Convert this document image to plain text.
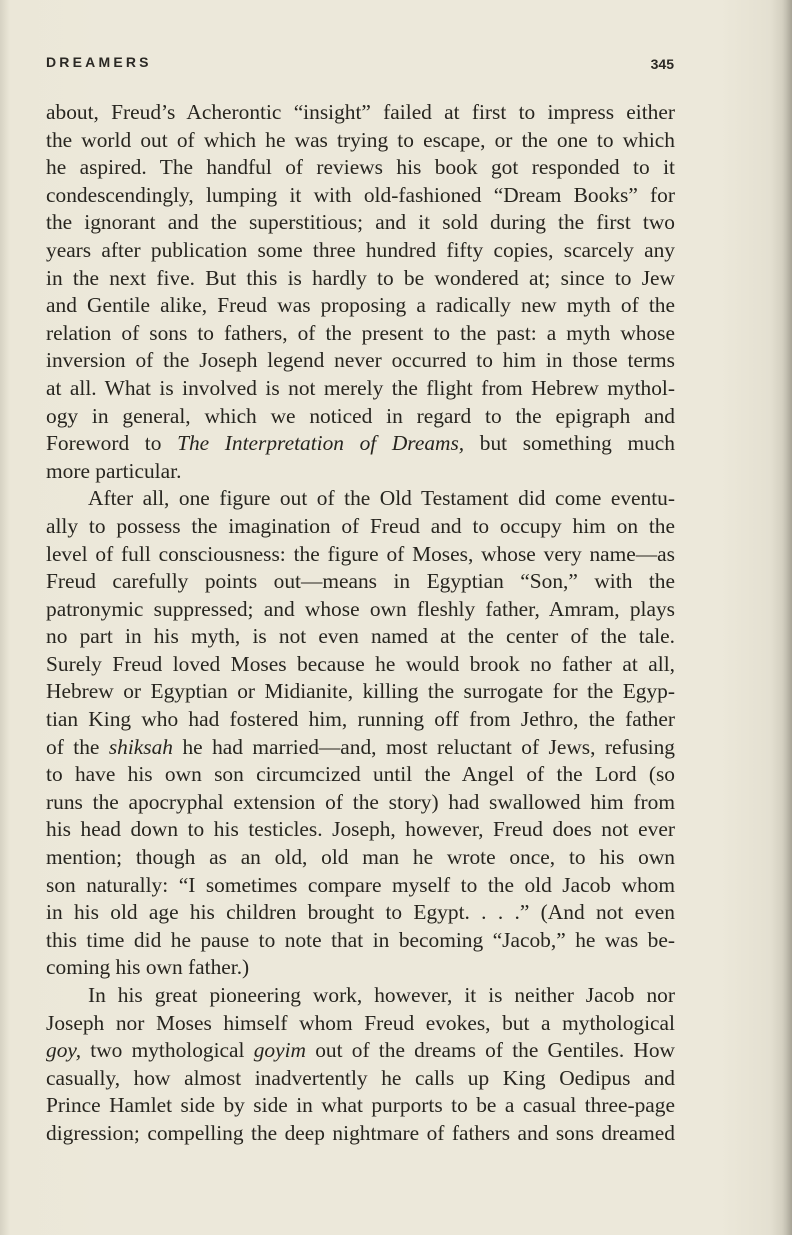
DREAMERS	345
about, Freud’s Acherontic “insight” failed at first to impress either
the world out of which he was trying to escape, or the one to which
he aspired. The handful of reviews his book got responded to it
condescendingly, lumping it with old-fashioned “Dream Books” for
the ignorant and the superstitious; and it sold during the first two
years after publication some three hundred fifty copies, scarcely any
in the next five. But this is hardly to be wondered at; since to Jew
and Gentile alike, Freud was proposing a radically new myth of the
relation of sons to fathers, of the present to the past: a myth whose
inversion of the Joseph legend never occurred to him in those terms
at all. What is involved is not merely the flight from Hebrew mythol-
ogy in general, which we noticed in regard to the epigraph and
Foreword to The Interpretation of Dreams, but something much
more particular.
After all, one figure out of the Old Testament did come eventu-
ally to possess the imagination of Freud and to occupy him on the
level of full consciousness: the figure of Moses, whose very name—as
Freud carefully points out—means in Egyptian “Son,” with the
patronymic suppressed; and whose own fleshly father, Amram, plays
no part in his myth, is not even named at the center of the tale.
Surely Freud loved Moses because he would brook no father at all,
Hebrew or Egyptian or Midianite, killing the surrogate for the Egyp-
tian King who had fostered him, running off from Jethro, the father
of the shiksah he had married—and, most reluctant of Jews, refusing
to have his own son circumcized until the Angel of the Lord (so
runs the apocryphal extension of the story) had swallowed him from
his head down to his testicles. Joseph, however, Freud does not ever
mention; though as an old, old man he wrote once, to his own
son naturally: “I sometimes compare myself to the old Jacob whom
in his old age his children brought to Egypt. . . .” (And not even
this time did he pause to note that in becoming “Jacob,” he was be-
coming his own father.)
In his great pioneering work, however, it is neither Jacob nor
Joseph nor Moses himself whom Freud evokes, but a mythological
goy, two mythological goyim out of the dreams of the Gentiles. How
casually, how almost inadvertently he calls up King Oedipus and
Prince Hamlet side by side in what purports to be a casual three-page
digression; compelling the deep nightmare of fathers and sons dreamed
